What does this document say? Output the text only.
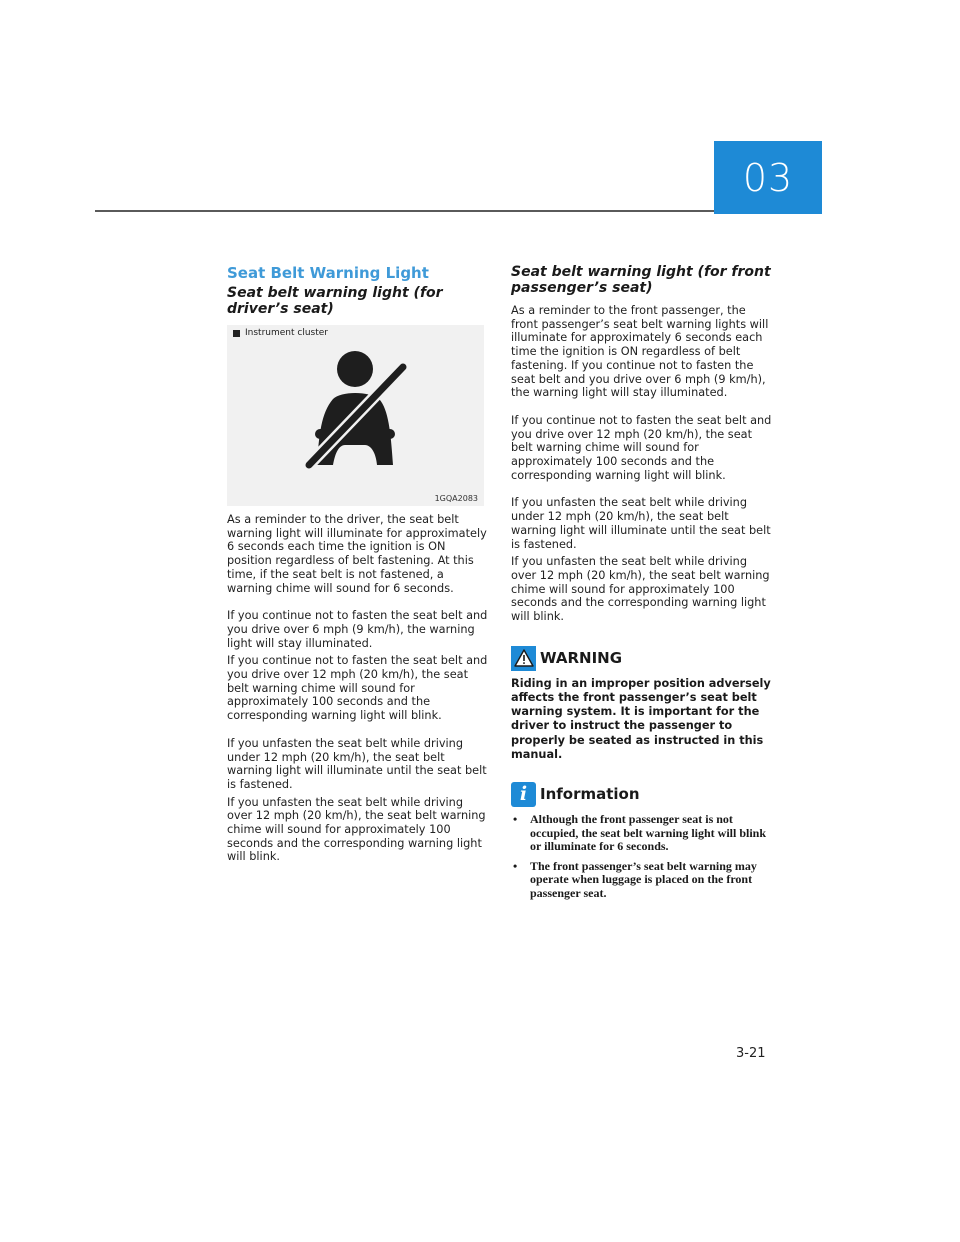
03
Seat Belt Warning Light
Seat belt warning light (for driver’s seat)
Instrument cluster
1GQA2083

As a reminder to the driver, the seat belt warning light will illuminate for approximately 6 seconds each time the ignition is ON position regardless of belt fastening. At this time, if the seat belt is not fastened, a warning chime will sound for 6 seconds.

If you continue not to fasten the seat belt and you drive over 6 mph (9 km/h), the warning light will stay illuminated.

If you continue not to fasten the seat belt and you drive over 12 mph (20 km/h), the seat belt warning chime will sound for approximately 100 seconds and the corresponding warning light will blink.

If you unfasten the seat belt while driving under 12 mph (20 km/h), the seat belt warning light will illuminate until the seat belt is fastened.

If you unfasten the seat belt while driving over 12 mph (20 km/h), the seat belt warning chime will sound for approximately 100 seconds and the corresponding warning light will blink.

Seat belt warning light (for front passenger’s seat)

As a reminder to the front passenger, the front passenger’s seat belt warning lights will illuminate for approximately 6 seconds each time the ignition is ON regardless of belt fastening. If you continue not to fasten the seat belt and you drive over 6 mph (9 km/h), the warning light will stay illuminated.

If you continue not to fasten the seat belt and you drive over 12 mph (20 km/h), the seat belt warning chime will sound for approximately 100 seconds and the corresponding warning light will blink.

If you unfasten the seat belt while driving under 12 mph (20 km/h), the seat belt warning light will illuminate until the seat belt is fastened.

If you unfasten the seat belt while driving over 12 mph (20 km/h), the seat belt warning chime will sound for approximately 100 seconds and the corresponding warning light will blink.

WARNING

Riding in an improper position adversely affects the front passenger’s seat belt warning system. It is important for the driver to instruct the passenger to properly be seated as instructed in this manual.

i Information
• Although the front passenger seat is not occupied, the seat belt warning light will blink or illuminate for 6 seconds.
• The front passenger’s seat belt warning may operate when luggage is placed on the front passenger seat.
3-21
